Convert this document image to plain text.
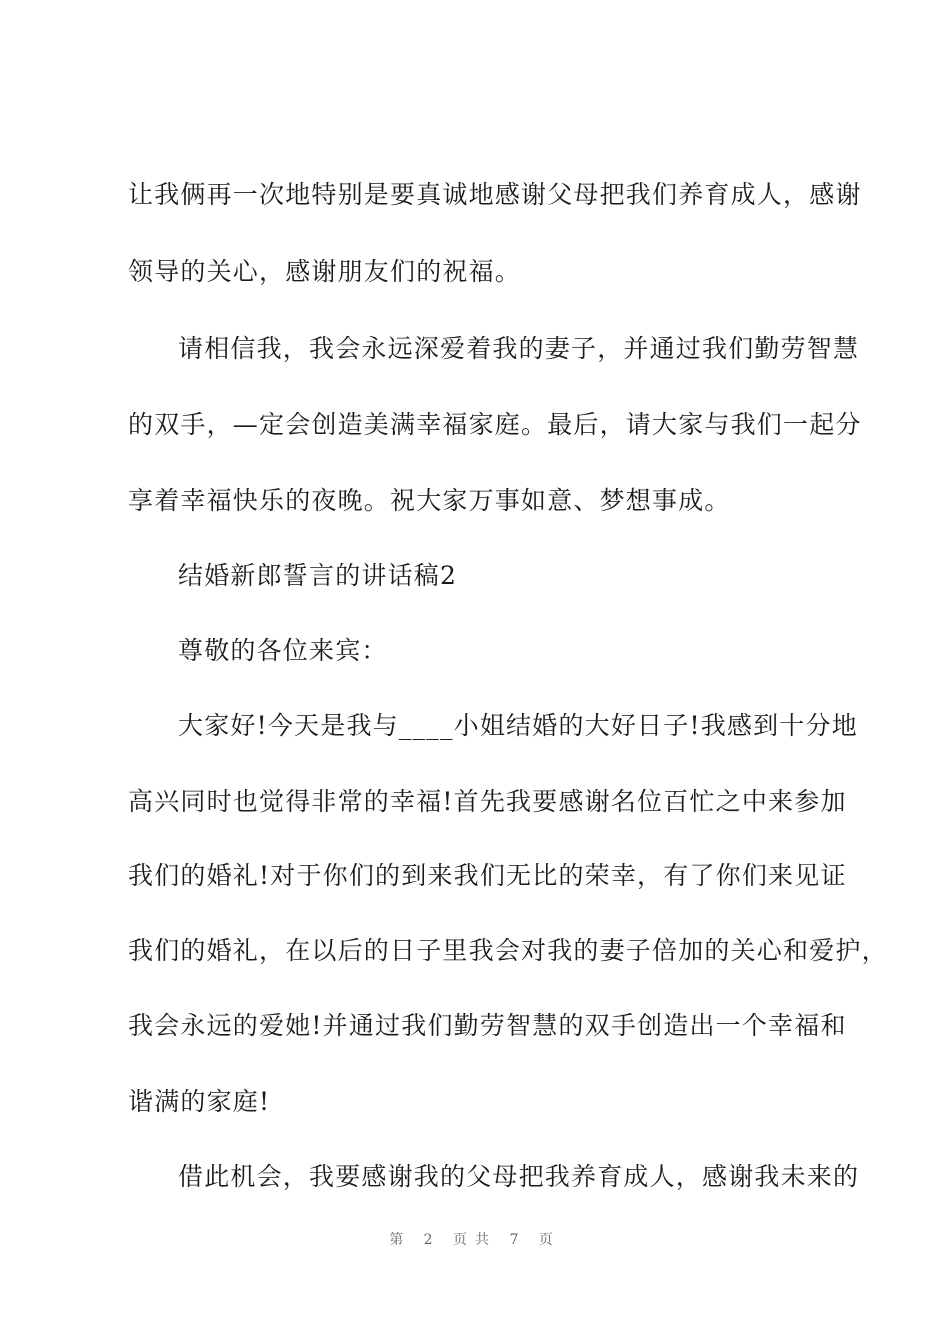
让我俩再一次地特别是要真诚地感谢父母把我们养育成人，感谢
领导的关心，感谢朋友们的祝福。
请相信我，我会永远深爱着我的妻子，并通过我们勤劳智慧
的双手，—定会创造美满幸福家庭。最后，请大家与我们一起分
享着幸福快乐的夜晚。祝大家万事如意、梦想事成。
结婚新郎誓言的讲话稿2
尊敬的各位来宾：
大家好!今天是我与____小姐结婚的大好日子!我感到十分地
高兴同时也觉得非常的幸福!首先我要感谢名位百忙之中来参加
我们的婚礼!对于你们的到来我们无比的荣幸，有了你们来见证
我们的婚礼，在以后的日子里我会对我的妻子倍加的关心和爱护，
我会永远的爱她!并通过我们勤劳智慧的双手创造出一个幸福和
谐满的家庭!
借此机会，我要感谢我的父母把我养育成人，感谢我未来的
第 2 页共 7 页
